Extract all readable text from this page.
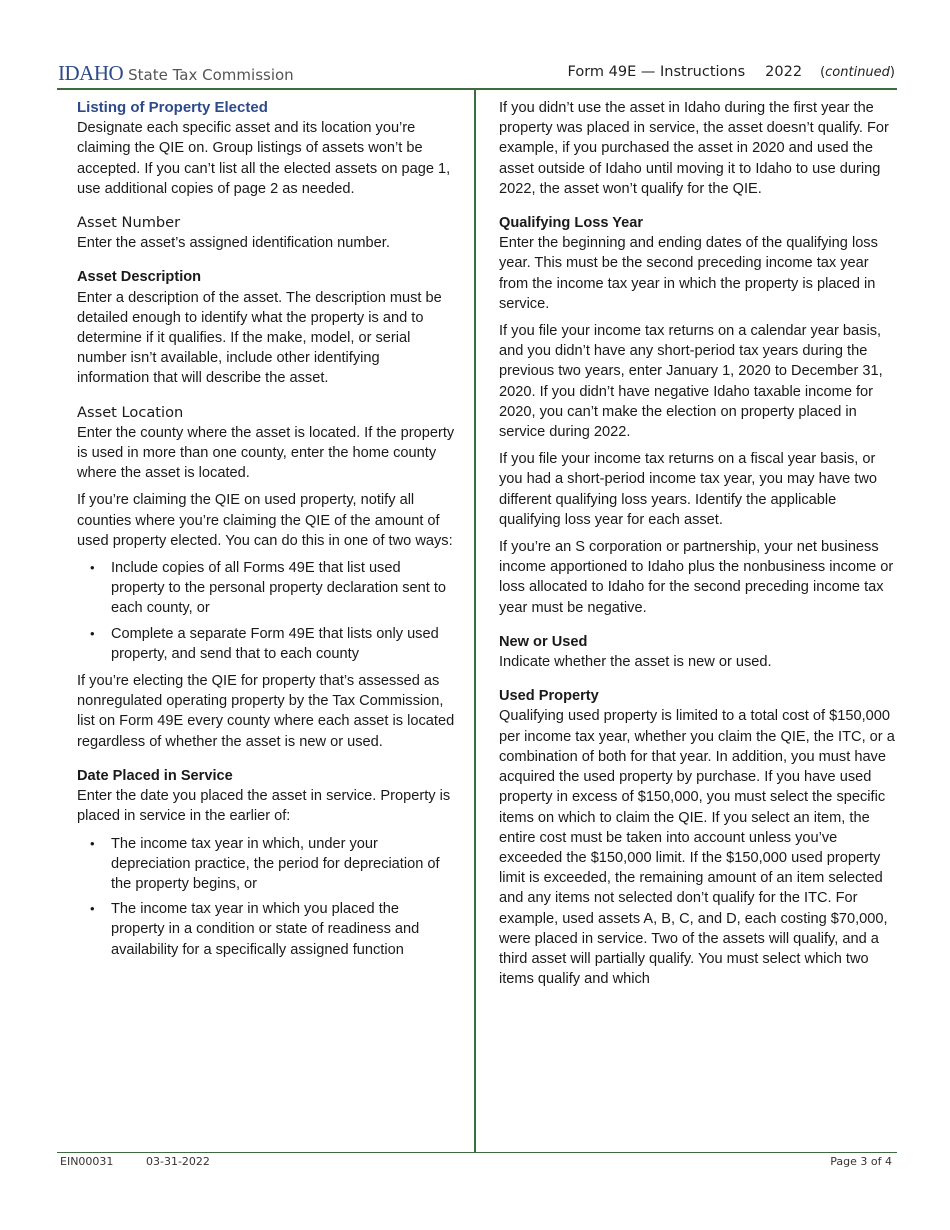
IDAHO State Tax Commission	Form 49E — Instructions 2022 (continued)
Listing of Property Elected

Designate each specific asset and its location you’re claiming the QIE on. Group listings of assets won’t be accepted. If you can’t list all the elected assets on page 1, use additional copies of page 2 as needed.

Asset Number

Enter the asset’s assigned identification number.

Asset Description

Enter a description of the asset. The description must be detailed enough to identify what the property is and to determine if it qualifies. If the make, model, or serial number isn’t available, include other identifying information that will describe the asset.

Asset Location

Enter the county where the asset is located. If the property is used in more than one county, enter the home county where the asset is located.

If you’re claiming the QIE on used property, notify all counties where you’re claiming the QIE of the amount of used property elected. You can do this in one of two ways:

• Include copies of all Forms 49E that list used property to the personal property declaration sent to each county, or
• Complete a separate Form 49E that lists only used property, and send that to each county

If you’re electing the QIE for property that’s assessed as nonregulated operating property by the Tax Commission, list on Form 49E every county where each asset is located regardless of whether the asset is new or used.

Date Placed in Service

Enter the date you placed the asset in service. Property is placed in service in the earlier of:

• The income tax year in which, under your depreciation practice, the period for depreciation of the property begins, or
• The income tax year in which you placed the property in a condition or state of readiness and availability for a specifically assigned function

If you didn’t use the asset in Idaho during the first year the property was placed in service, the asset doesn’t qualify. For example, if you purchased the asset in 2020 and used the asset outside of Idaho until moving it to Idaho to use during 2022, the asset won’t qualify for the QIE.

Qualifying Loss Year

Enter the beginning and ending dates of the qualifying loss year. This must be the second preceding income tax year from the income tax year in which the property is placed in service.

If you file your income tax returns on a calendar year basis, and you didn’t have any short-period tax years during the previous two years, enter January 1, 2020 to December 31, 2020. If you didn’t have negative Idaho taxable income for 2020, you can’t make the election on property placed in service during 2022.

If you file your income tax returns on a fiscal year basis, or you had a short-period income tax year, you may have two different qualifying loss years. Identify the applicable qualifying loss year for each asset.

If you’re an S corporation or partnership, your net business income apportioned to Idaho plus the nonbusiness income or loss allocated to Idaho for the second preceding income tax year must be negative.

New or Used

Indicate whether the asset is new or used.

Used Property

Qualifying used property is limited to a total cost of $150,000 per income tax year, whether you claim the QIE, the ITC, or a combination of both for that year. In addition, you must have acquired the used property by purchase. If you have used property in excess of $150,000, you must select the specific items on which to claim the QIE. If you select an item, the entire cost must be taken into account unless you’ve exceeded the $150,000 limit. If the $150,000 used property limit is exceeded, the remaining amount of an item selected and any items not selected don’t qualify for the ITC. For example, used assets A, B, C, and D, each costing $70,000, were placed in service. Two of the assets will qualify, and a third asset will partially qualify. You must select which two items qualify and which

EIN00031	03-31-2022	Page 3 of 4
